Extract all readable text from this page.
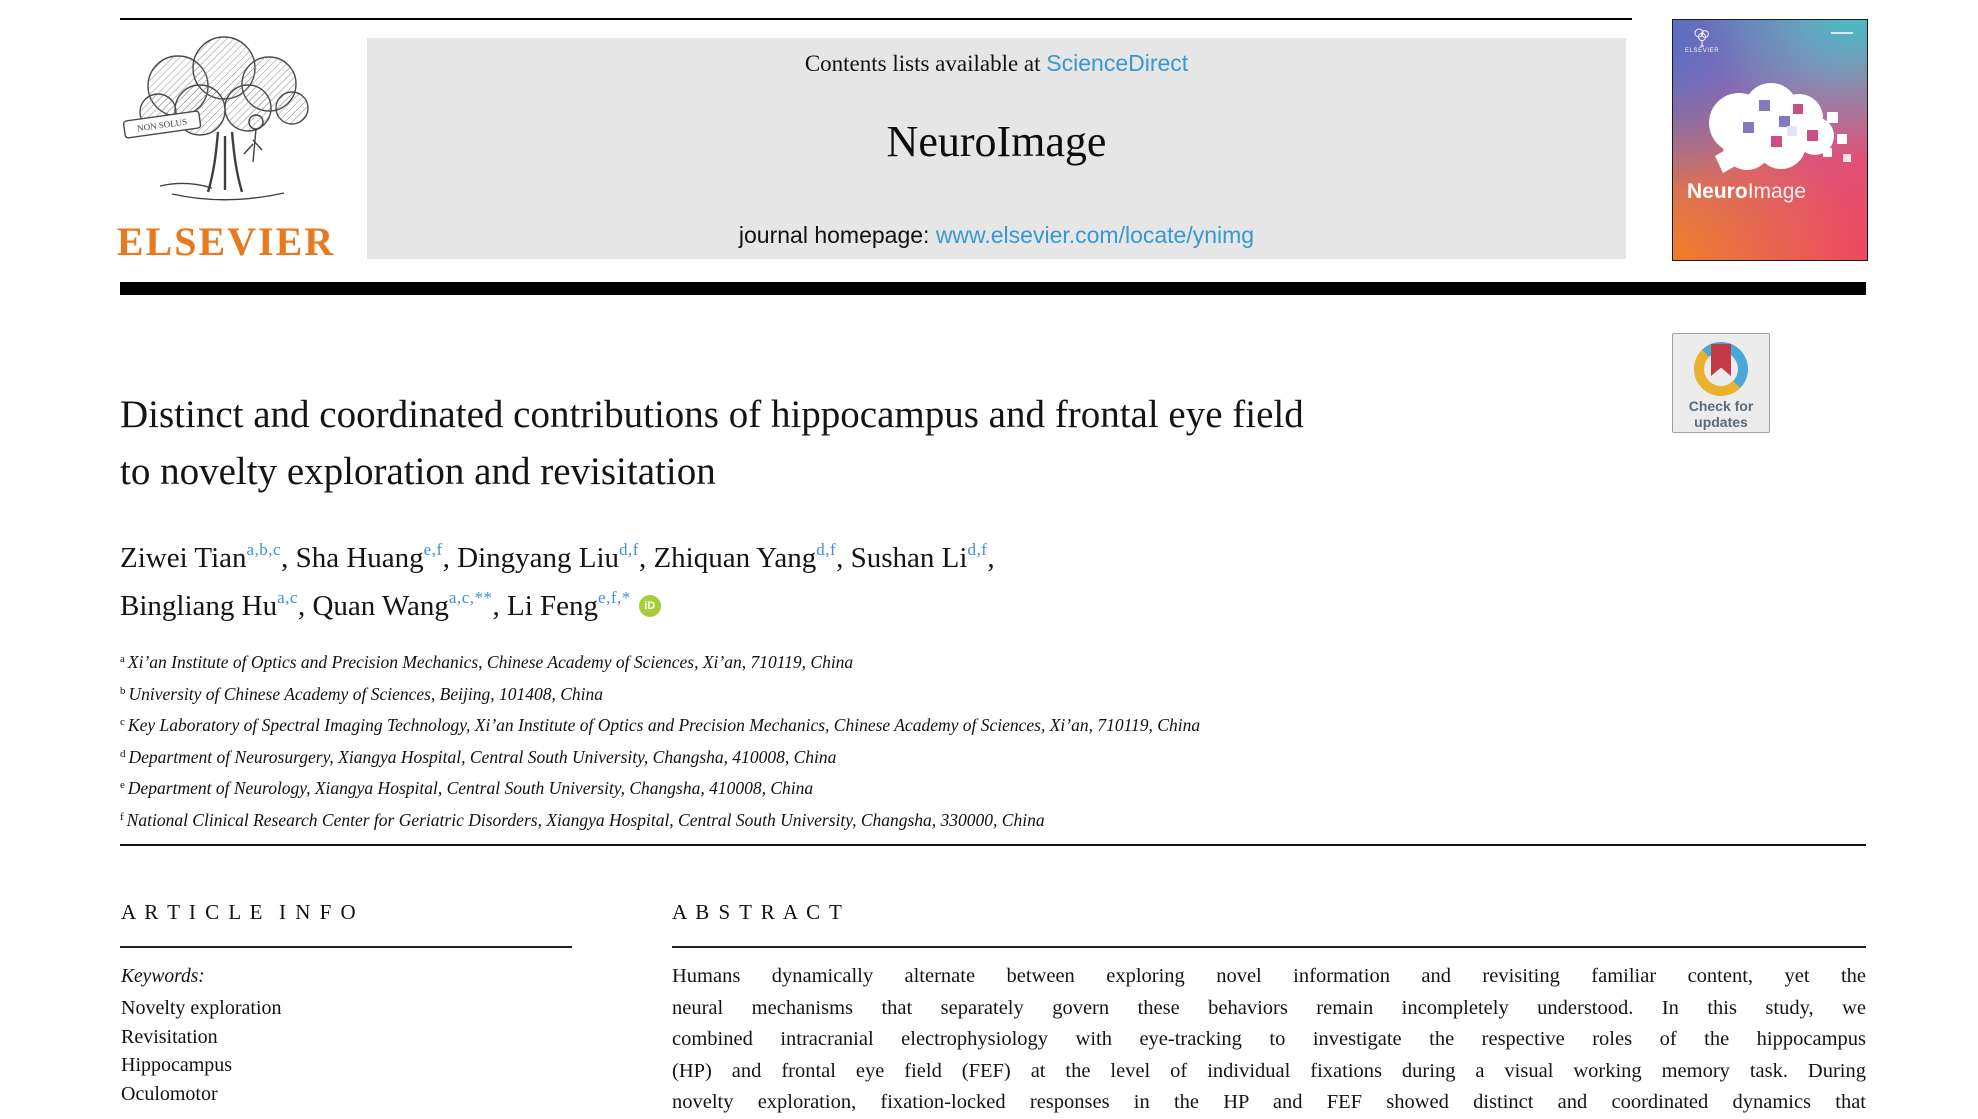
NON SOLUS
ELSEVIER
Contents lists available at ScienceDirect
NeuroImage
journal homepage: www.elsevier.com/locate/ynimg
ELSEVIER
NeuroImage
Check for
updates
Distinct and coordinated contributions of hippocampus and frontal eye field
to novelty exploration and revisitation
Ziwei Tian$^{a,b,c}$, Sha Huang$^{e,f}$, Dingyang Liu$^{d,f}$, Zhiquan Yang$^{d,f}$, Sushan Li$^{d,f}$,
Bingliang Hu$^{a,c}$, Quan Wang$^{a,c,**}$, Li Feng$^{e,f,*}$ iD
$^a$ Xi’an Institute of Optics and Precision Mechanics, Chinese Academy of Sciences, Xi’an, 710119, China
$^b$ University of Chinese Academy of Sciences, Beijing, 101408, China
$^c$ Key Laboratory of Spectral Imaging Technology, Xi’an Institute of Optics and Precision Mechanics, Chinese Academy of Sciences, Xi’an, 710119, China
$^d$ Department of Neurosurgery, Xiangya Hospital, Central South University, Changsha, 410008, China
$^e$ Department of Neurology, Xiangya Hospital, Central South University, Changsha, 410008, China
$^f$ National Clinical Research Center for Geriatric Disorders, Xiangya Hospital, Central South University, Changsha, 330000, China
A R T I C L E  I N F O
Keywords:
Novelty exploration
Revisitation
Hippocampus
Oculomotor
A B S T R A C T
Humans dynamically alternate between exploring novel information and revisiting familiar content, yet the
neural mechanisms that separately govern these behaviors remain incompletely understood. In this study, we
combined intracranial electrophysiology with eye-tracking to investigate the respective roles of the hippocampus
(HP) and frontal eye field (FEF) at the level of individual fixations during a visual working memory task. During
novelty exploration, fixation-locked responses in the HP and FEF showed distinct and coordinated dynamics that
